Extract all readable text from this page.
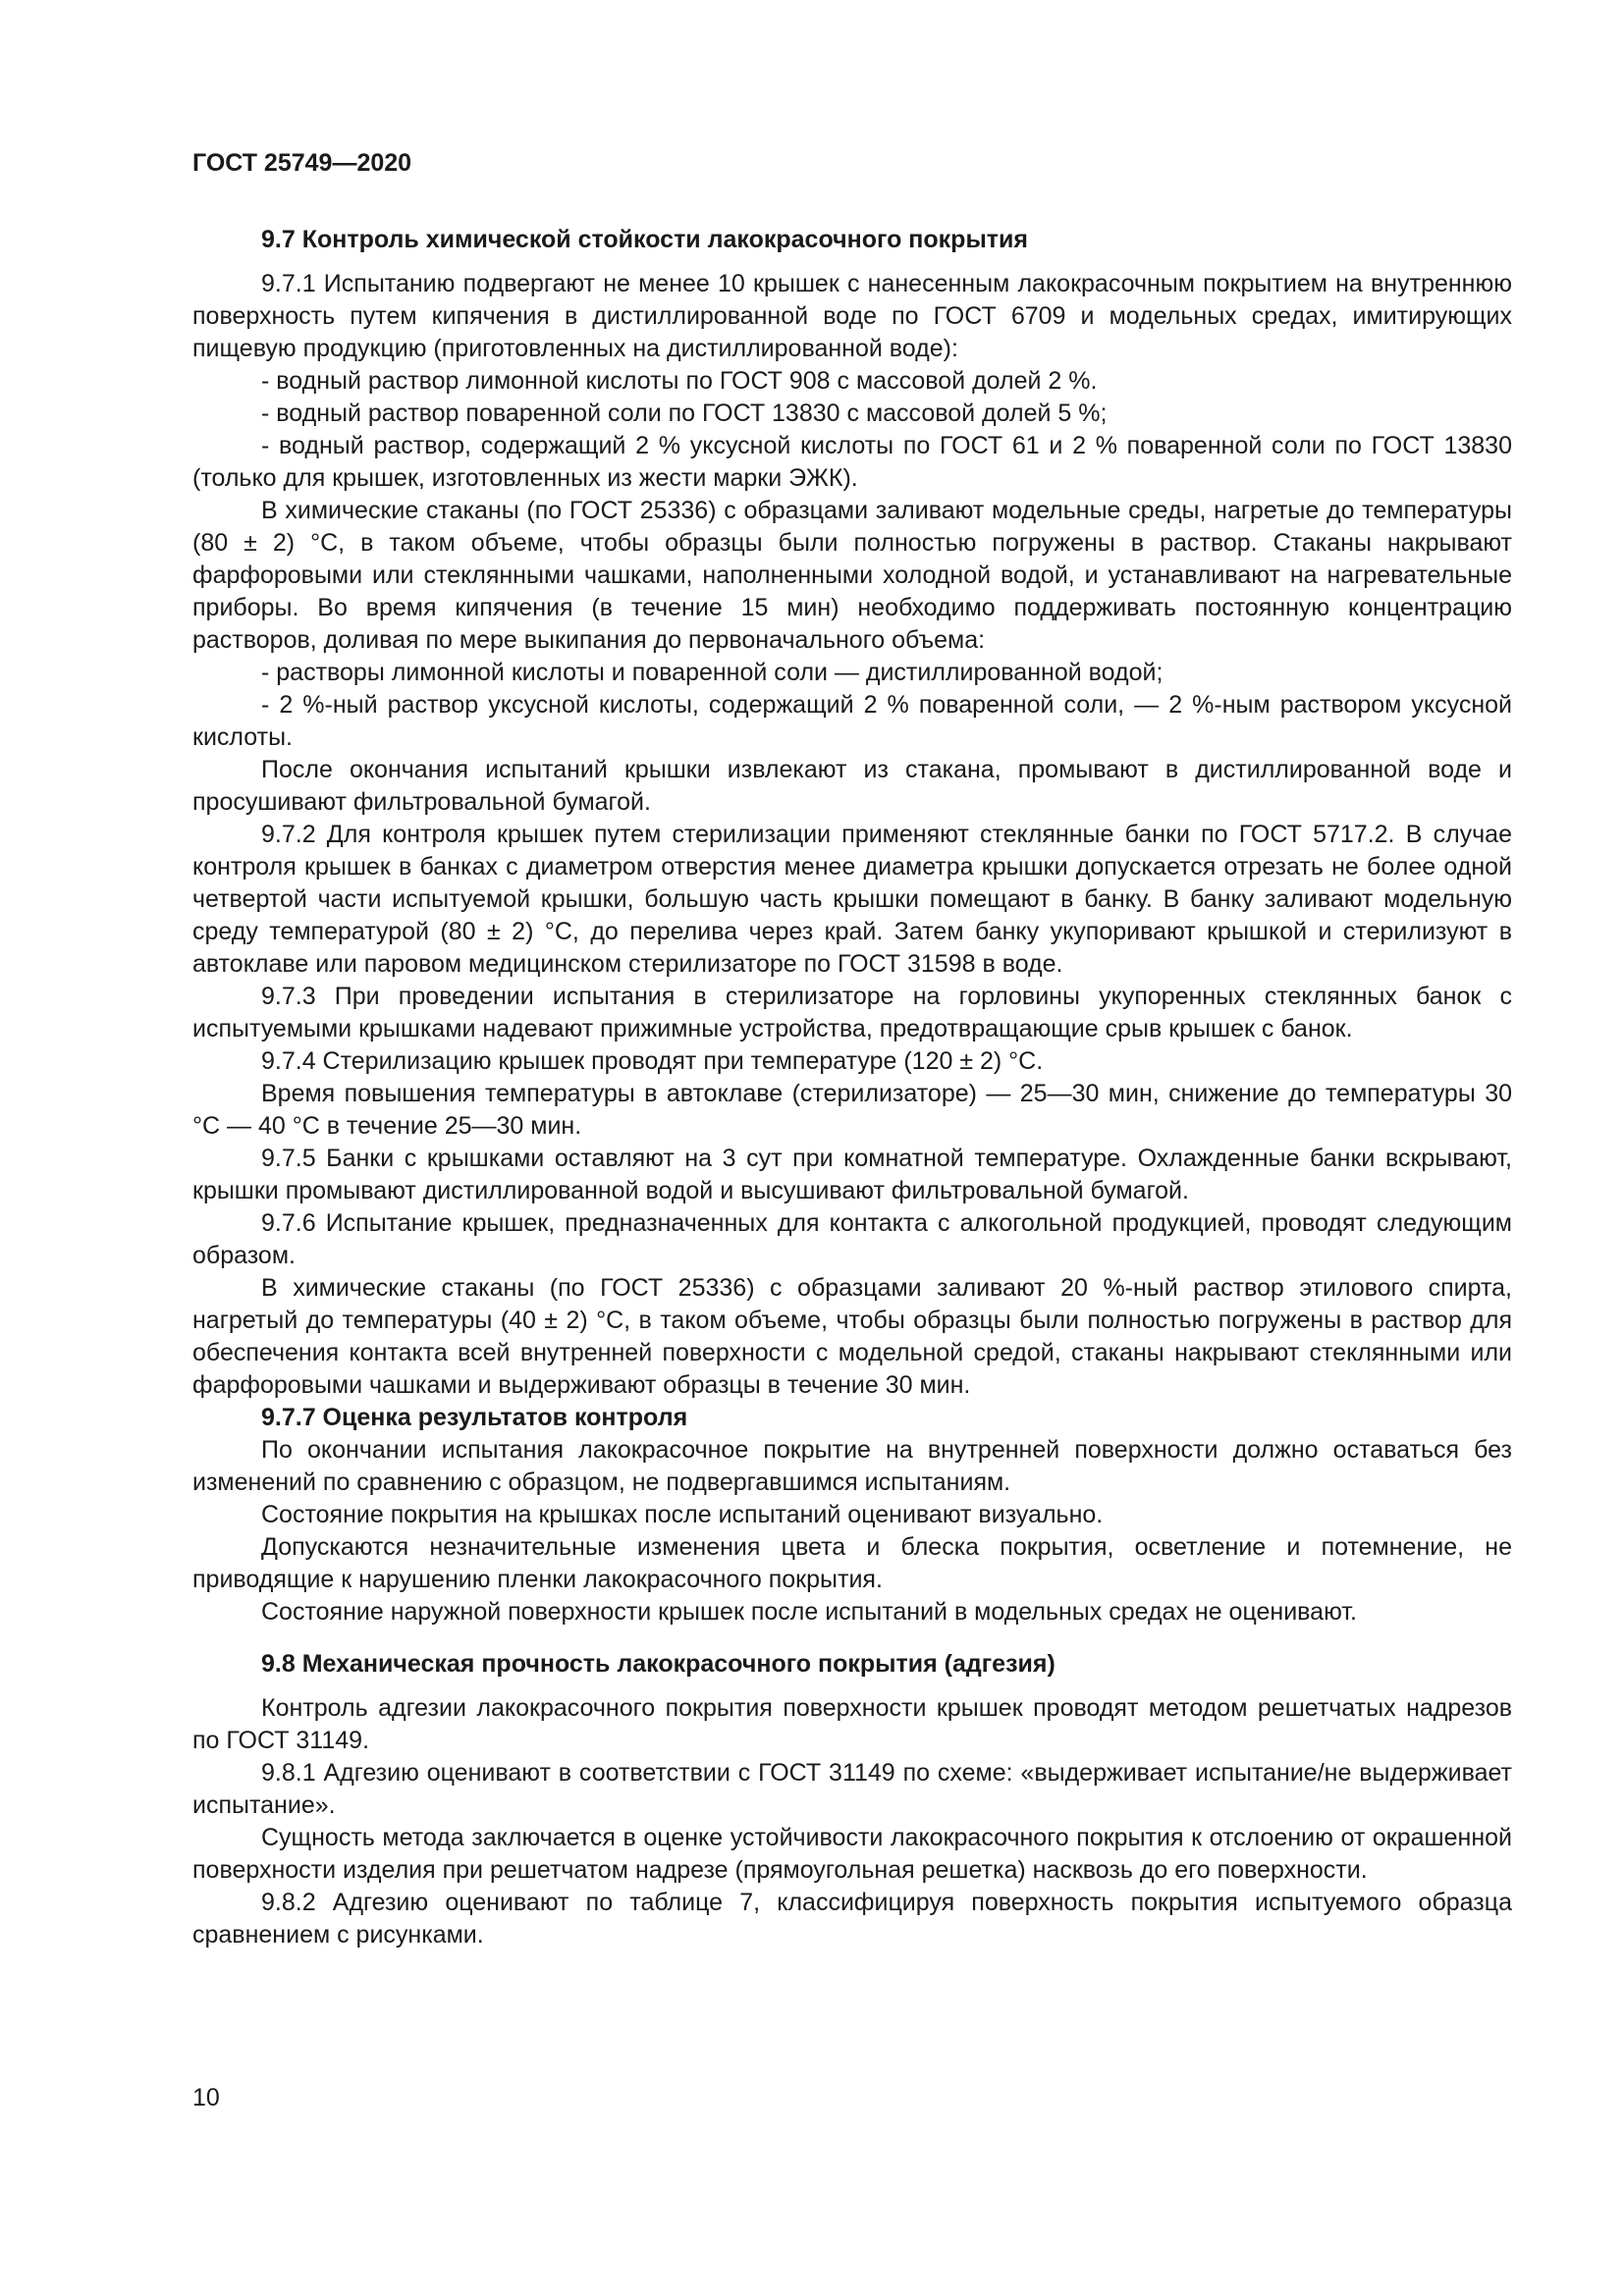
ГОСТ 25749—2020
9.7 Контроль химической стойкости лакокрасочного покрытия

9.7.1 Испытанию подвергают не менее 10 крышек с нанесенным лакокрасочным покрытием на внутреннюю поверхность путем кипячения в дистиллированной воде по ГОСТ 6709 и модельных средах, имитирующих пищевую продукцию (приготовленных на дистиллированной воде):

- водный раствор лимонной кислоты по ГОСТ 908 с массовой долей 2 %.
- водный раствор поваренной соли по ГОСТ 13830 с массовой долей 5 %;
- водный раствор, содержащий 2 % уксусной кислоты по ГОСТ 61 и 2 % поваренной соли по ГОСТ 13830 (только для крышек, изготовленных из жести марки ЭЖК).

В химические стаканы (по ГОСТ 25336) с образцами заливают модельные среды, нагретые до температуры (80 ± 2) °С, в таком объеме, чтобы образцы были полностью погружены в раствор. Стаканы накрывают фарфоровыми или стеклянными чашками, наполненными холодной водой, и устанавливают на нагревательные приборы. Во время кипячения (в течение 15 мин) необходимо поддерживать постоянную концентрацию растворов, доливая по мере выкипания до первоначального объема:

- растворы лимонной кислоты и поваренной соли — дистиллированной водой;
- 2 %-ный раствор уксусной кислоты, содержащий 2 % поваренной соли, — 2 %-ным раствором уксусной кислоты.

После окончания испытаний крышки извлекают из стакана, промывают в дистиллированной воде и просушивают фильтровальной бумагой.

9.7.2 Для контроля крышек путем стерилизации применяют стеклянные банки по ГОСТ 5717.2. В случае контроля крышек в банках с диаметром отверстия менее диаметра крышки допускается отрезать не более одной четвертой части испытуемой крышки, большую часть крышки помещают в банку. В банку заливают модельную среду температурой (80 ± 2) °С, до перелива через край. Затем банку укупоривают крышкой и стерилизуют в автоклаве или паровом медицинском стерилизаторе по ГОСТ 31598 в воде.

9.7.3 При проведении испытания в стерилизаторе на горловины укупоренных стеклянных банок с испытуемыми крышками надевают прижимные устройства, предотвращающие срыв крышек с банок.

9.7.4 Стерилизацию крышек проводят при температуре (120 ± 2) °С.

Время повышения температуры в автоклаве (стерилизаторе) — 25—30 мин, снижение до температуры 30 °С — 40 °С в течение 25—30 мин.

9.7.5 Банки с крышками оставляют на 3 сут при комнатной температуре. Охлажденные банки вскрывают, крышки промывают дистиллированной водой и высушивают фильтровальной бумагой.

9.7.6 Испытание крышек, предназначенных для контакта с алкогольной продукцией, проводят следующим образом.

В химические стаканы (по ГОСТ 25336) с образцами заливают 20 %-ный раствор этилового спирта, нагретый до температуры (40 ± 2) °С, в таком объеме, чтобы образцы были полностью погружены в раствор для обеспечения контакта всей внутренней поверхности с модельной средой, стаканы накрывают стеклянными или фарфоровыми чашками и выдерживают образцы в течение 30 мин.

9.7.7 Оценка результатов контроля

По окончании испытания лакокрасочное покрытие на внутренней поверхности должно оставаться без изменений по сравнению с образцом, не подвергавшимся испытаниям.

Состояние покрытия на крышках после испытаний оценивают визуально.

Допускаются незначительные изменения цвета и блеска покрытия, осветление и потемнение, не приводящие к нарушению пленки лакокрасочного покрытия.

Состояние наружной поверхности крышек после испытаний в модельных средах не оценивают.

9.8 Механическая прочность лакокрасочного покрытия (адгезия)

Контроль адгезии лакокрасочного покрытия поверхности крышек проводят методом решетчатых надрезов по ГОСТ 31149.

9.8.1 Адгезию оценивают в соответствии с ГОСТ 31149 по схеме: «выдерживает испытание/не выдерживает испытание».

Сущность метода заключается в оценке устойчивости лакокрасочного покрытия к отслоению от окрашенной поверхности изделия при решетчатом надрезе (прямоугольная решетка) насквозь до его поверхности.

9.8.2 Адгезию оценивают по таблице 7, классифицируя поверхность покрытия испытуемого образца сравнением с рисунками.

10
